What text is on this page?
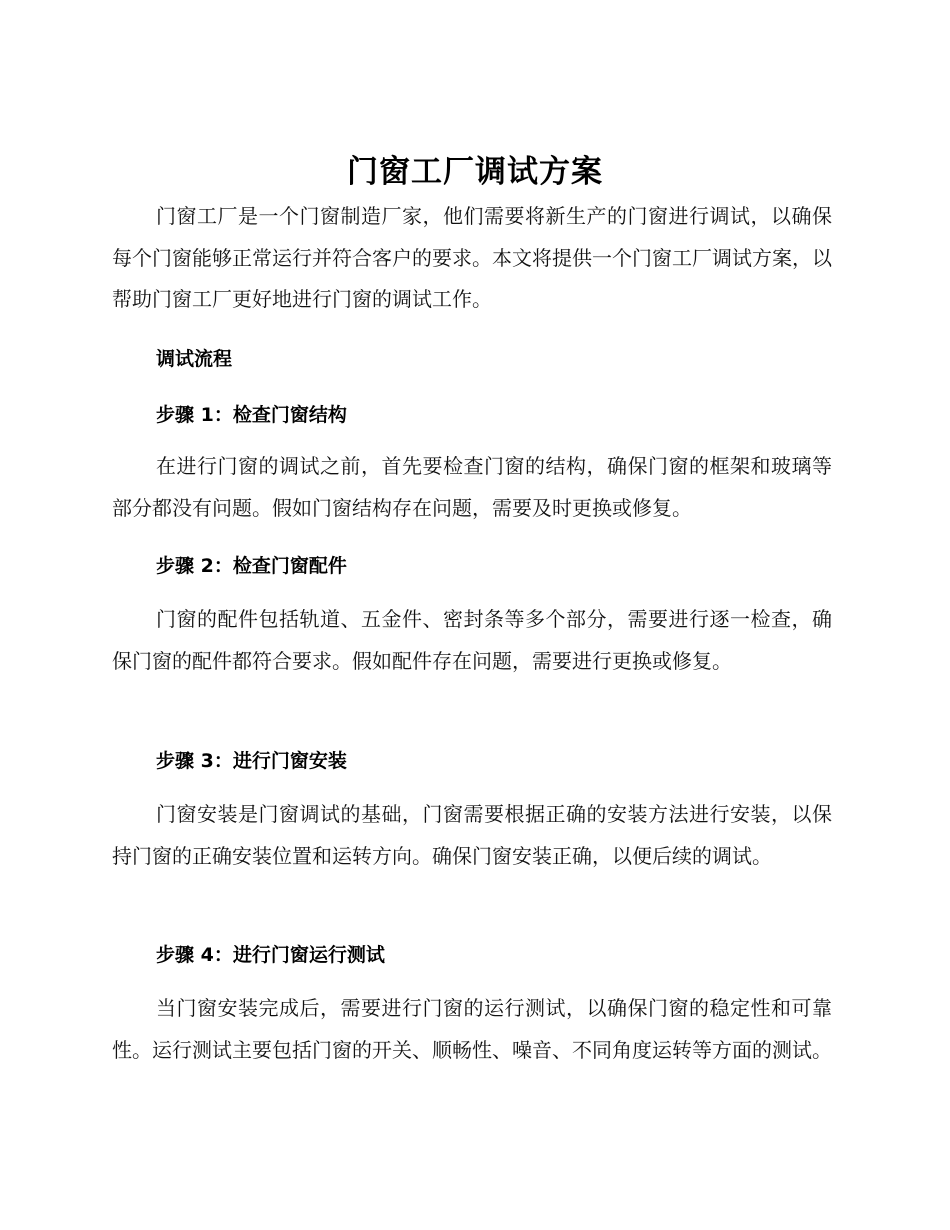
门窗工厂调试方案
门窗工厂是一个门窗制造厂家，他们需要将新生产的门窗进行调试，以确保每个门窗能够正常运行并符合客户的要求。本文将提供一个门窗工厂调试方案，以帮助门窗工厂更好地进行门窗的调试工作。
调试流程
步骤 1：检查门窗结构
在进行门窗的调试之前，首先要检查门窗的结构，确保门窗的框架和玻璃等部分都没有问题。假如门窗结构存在问题，需要及时更换或修复。
步骤 2：检查门窗配件
门窗的配件包括轨道、五金件、密封条等多个部分，需要进行逐一检查，确保门窗的配件都符合要求。假如配件存在问题，需要进行更换或修复。
步骤 3：进行门窗安装
门窗安装是门窗调试的基础，门窗需要根据正确的安装方法进行安装，以保持门窗的正确安装位置和运转方向。确保门窗安装正确，以便后续的调试。
步骤 4：进行门窗运行测试
当门窗安装完成后，需要进行门窗的运行测试，以确保门窗的稳定性和可靠性。运行测试主要包括门窗的开关、顺畅性、噪音、不同角度运转等方面的测试。
